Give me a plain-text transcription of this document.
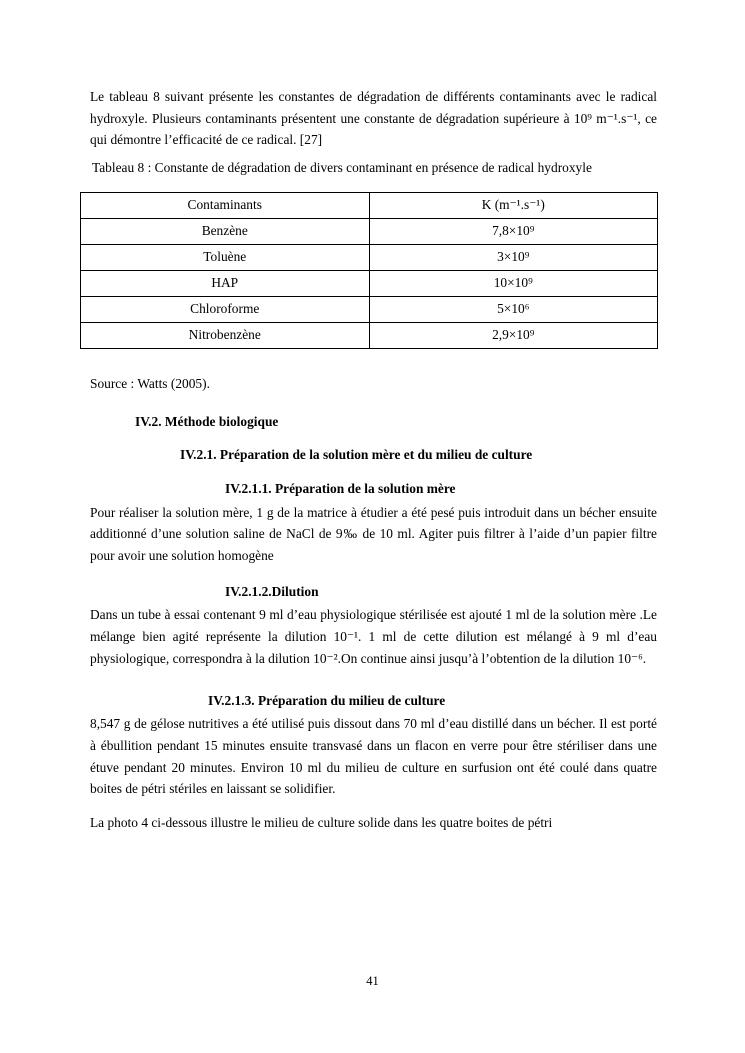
Le tableau 8 suivant présente les constantes de dégradation de différents contaminants avec le radical hydroxyle. Plusieurs contaminants présentent une constante de dégradation supérieure à 10⁹ m⁻¹.s⁻¹, ce qui démontre l’efficacité de ce radical. [27]

Tableau 8 : Constante de dégradation de divers contaminant en présence de radical hydroxyle

Contaminants	K (m⁻¹.s⁻¹)
Benzène	7,8×10⁹
Toluène	3×10⁹
HAP	10×10⁹
Chloroforme	5×10⁶
Nitrobenzène	2,9×10⁹

Source : Watts (2005).

IV.2. Méthode biologique
IV.2.1. Préparation de la solution mère et du milieu de culture
IV.2.1.1. Préparation de la solution mère

Pour réaliser la solution mère, 1 g de la matrice à étudier a été pesé puis introduit dans un bécher ensuite additionné d’une solution saline de NaCl de 9‰ de 10 ml. Agiter puis filtrer à l’aide d’un papier filtre pour avoir une solution homogène

IV.2.1.2.Dilution

Dans un tube à essai contenant 9 ml d’eau physiologique stérilisée est ajouté 1 ml de la solution mère .Le mélange bien agité représente la dilution 10⁻¹. 1 ml de cette dilution est mélangé à 9 ml d’eau physiologique, correspondra à la dilution 10⁻².On continue ainsi jusqu’à l’obtention de la dilution 10⁻⁶.

IV.2.1.3. Préparation du milieu de culture

8,547 g de gélose nutritives a été utilisé puis dissout dans 70 ml d’eau distillé dans un bécher. Il est porté à ébullition pendant 15 minutes ensuite transvasé dans un flacon en verre pour être stériliser dans une étuve pendant 20 minutes. Environ 10 ml du milieu de culture en surfusion ont été coulé dans quatre boites de pétri stériles en laissant se solidifier.

La photo 4 ci-dessous illustre le milieu de culture solide dans les quatre boites de pétri

41
